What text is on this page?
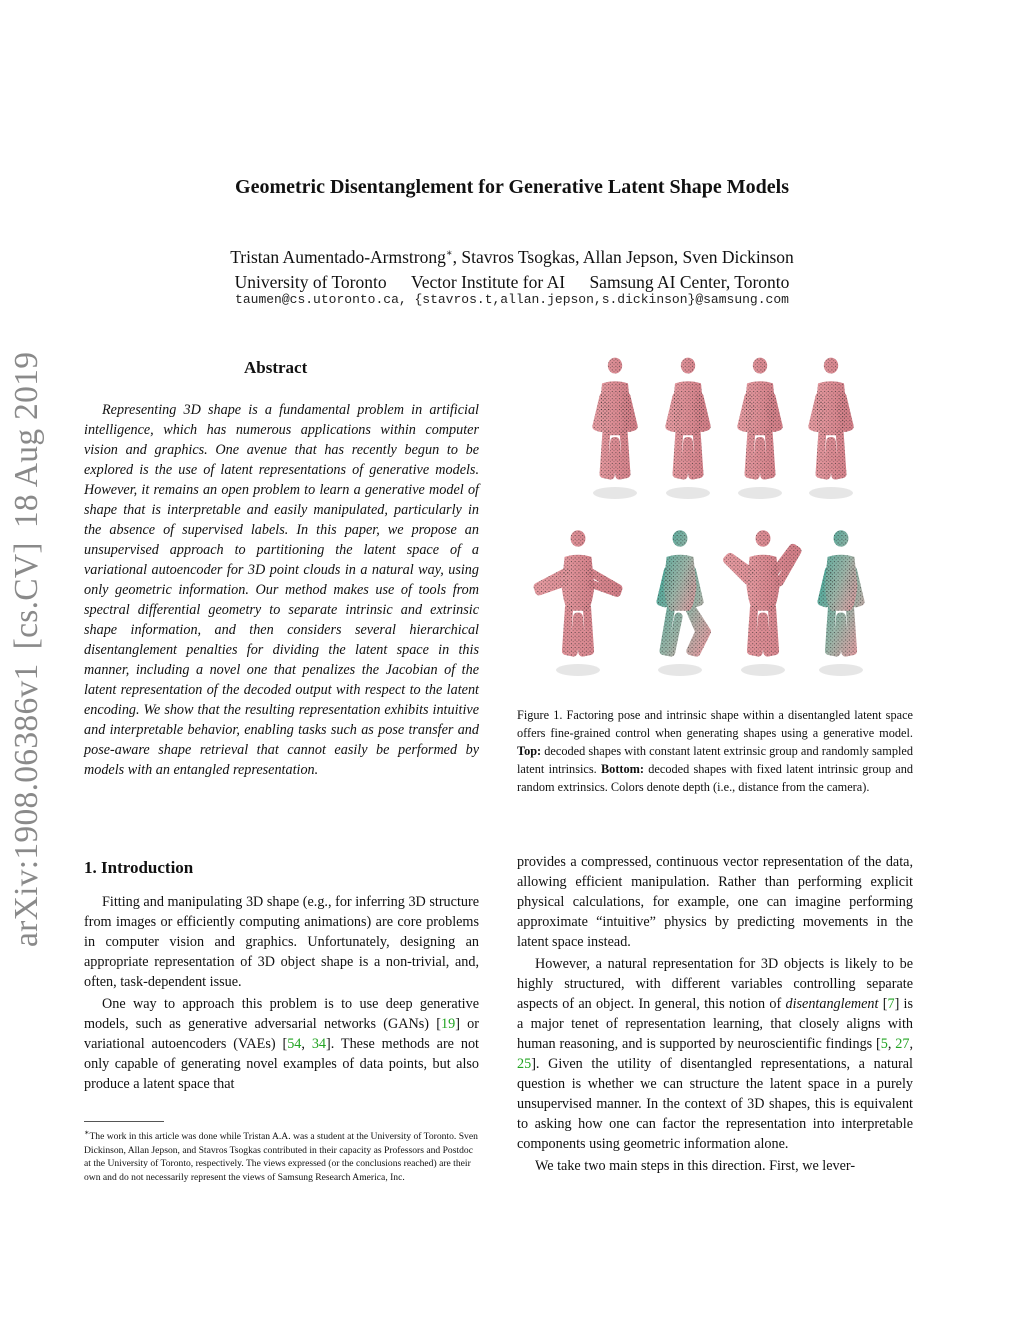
Geometric Disentanglement for Generative Latent Shape Models
Tristan Aumentado-Armstrong∗, Stavros Tsogkas, Allan Jepson, Sven Dickinson
University of Toronto Vector Institute for AI Samsung AI Center, Toronto
taumen@cs.utoronto.ca, {stavros.t,allan.jepson,s.dickinson}@samsung.com
arXiv:1908.06386v1[cs.CV]18 Aug 2019	Abstract

Representing 3D shape is a fundamental problem in artificial intelligence, which has numerous applications within computer vision and graphics. One avenue that has recently begun to be explored is the use of latent representations of generative models. However, it remains an open problem to learn a generative model of shape that is interpretable and easily manipulated, particularly in the absence of supervised labels. In this paper, we propose an unsupervised approach to partitioning the latent space of a variational autoencoder for 3D point clouds in a natural way, using only geometric information. Our method makes use of tools from spectral differential geometry to separate intrinsic and extrinsic shape information, and then considers several hierarchical disentanglement penalties for dividing the latent space in this manner, including a novel one that penalizes the Jacobian of the latent representation of the decoded output with respect to the latent encoding. We show that the resulting representation exhibits intuitive and interpretable behavior, enabling tasks such as pose transfer and pose-aware shape retrieval that cannot easily be performed by models with an entangled representation.

1. Introduction

Fitting and manipulating 3D shape (e.g., for inferring 3D structure from images or efficiently computing animations) are core problems in computer vision and graphics. Unfortunately, designing an appropriate representation of 3D object shape is a non-trivial, and, often, task-dependent issue.

One way to approach this problem is to use deep generative models, such as generative adversarial networks (GANs) [19] or variational autoencoders (VAEs) [54, 34]. These methods are not only capable of generating novel examples of data points, but also produce a latent space that

∗The work in this article was done while Tristan A.A. was a student at the University of Toronto. Sven Dickinson, Allan Jepson, and Stavros Tsogkas contributed in their capacity as Professors and Postdoc at the University of Toronto, respectively. The views expressed (or the conclusions reached) are their own and do not necessarily represent the views of Samsung Research America, Inc.
Figure 1. Factoring pose and intrinsic shape within a disentangled latent space offers fine-grained control when generating shapes using a generative model. Top: decoded shapes with constant latent extrinsic group and randomly sampled latent intrinsics. Bottom: decoded shapes with fixed latent intrinsic group and random extrinsics. Colors denote depth (i.e., distance from the camera).

provides a compressed, continuous vector representation of the data, allowing efficient manipulation. Rather than performing explicit physical calculations, for example, one can imagine performing approximate “intuitive” physics by predicting movements in the latent space instead.

However, a natural representation for 3D objects is likely to be highly structured, with different variables controlling separate aspects of an object. In general, this notion of disentanglement [7] is a major tenet of representation learning, that closely aligns with human reasoning, and is supported by neuroscientific findings [5, 27, 25]. Given the utility of disentangled representations, a natural question is whether we can structure the latent space in a purely unsupervised manner. In the context of 3D shapes, this is equivalent to asking how one can factor the representation into interpretable components using geometric information alone.

We take two main steps in this direction. First, we lever-
